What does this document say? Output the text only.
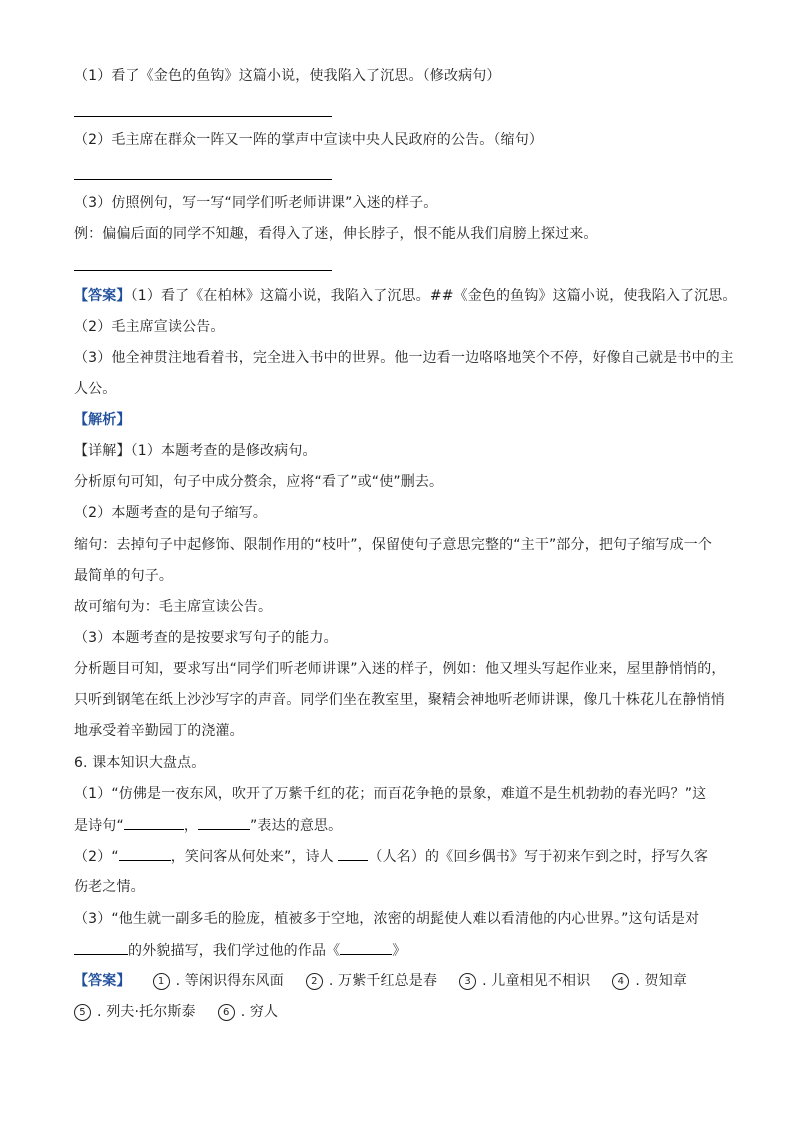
（1）看了《金色的鱼钩》这篇小说，使我陷入了沉思。（修改病句）
（2）毛主席在群众一阵又一阵的掌声中宣读中央人民政府的公告。（缩句）
（3）仿照例句，写一写“同学们听老师讲课”入迷的样子。
例：偏偏后面的同学不知趣，看得入了迷，伸长脖子，恨不能从我们肩膀上探过来。
【答案】（1）看了《在柏林》这篇小说，我陷入了沉思。##《金色的鱼钩》这篇小说，使我陷入了沉思。
（2）毛主席宣读公告。
（3）他全神贯注地看着书，完全进入书中的世界。他一边看一边咯咯地笑个不停，好像自己就是书中的主
人公。
【解析】
【详解】（1）本题考查的是修改病句。
分析原句可知，句子中成分赘余，应将“看了”或“使”删去。
（2）本题考查的是句子缩写。
缩句：去掉句子中起修饰、限制作用的“枝叶”，保留使句子意思完整的“主干”部分，把句子缩写成一个
最简单的句子。
故可缩句为：毛主席宣读公告。
（3）本题考查的是按要求写句子的能力。
分析题目可知，要求写出“同学们听老师讲课”入迷的样子，例如：他又埋头写起作业来，屋里静悄悄的，
只听到钢笔在纸上沙沙写字的声音。同学们坐在教室里，聚精会神地听老师讲课，像几十株花儿在静悄悄
地承受着辛勤园丁的浇灌。
6. 课本知识大盘点。
（1）“仿佛是一夜东风，吹开了万紫千红的花；而百花争艳的景象，难道不是生机勃勃的春光吗？”这
是诗句“	，	”表达的意思。
（2）“	，笑问客从何处来”，诗人 （人名）的《回乡偶书》写于初来乍到之时，抒写久客
伤老之情。
（3）“他生就一副多毛的脸庞，植被多于空地，浓密的胡髭使人难以看清他的内心世界。”这句话是对
的外貌描写，我们学过他的作品《	》
【答案】	1 . 等闲识得东风面	2 . 万紫千红总是春	3 . 儿童相见不相识	4 . 贺知章
5 . 列夫·托尔斯泰	6 . 穷人
